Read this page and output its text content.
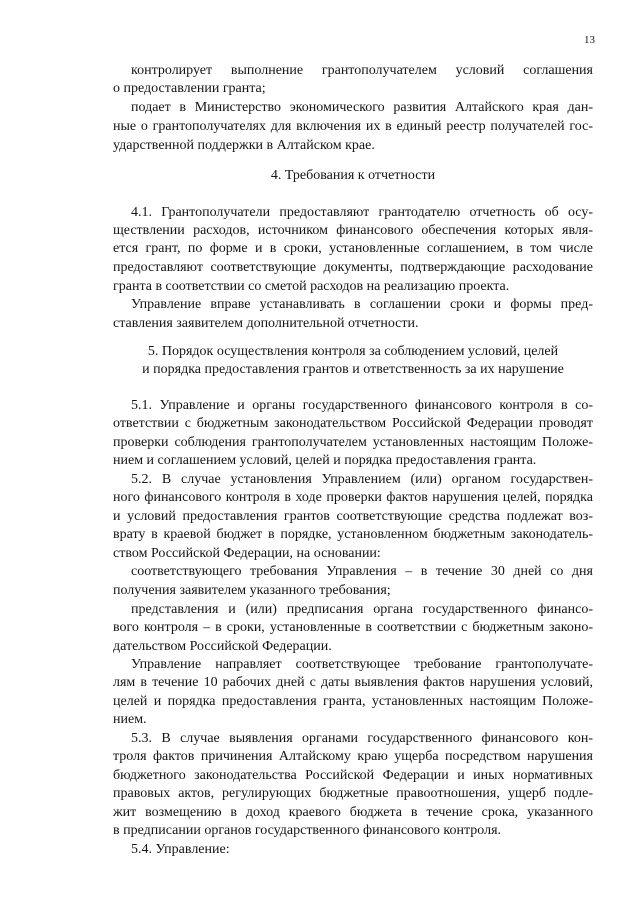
13
контролирует выполнение грантополучателем условий соглашения
о предоставлении гранта;
подает в Министерство экономического развития Алтайского края дан-
ные о грантополучателях для включения их в единый реестр получателей гос-
ударственной поддержки в Алтайском крае.
4. Требования к отчетности
4.1. Грантополучатели предоставляют грантодателю отчетность об осу-
ществлении расходов, источником финансового обеспечения которых явля-
ется грант, по форме и в сроки, установленные соглашением, в том числе
предоставляют соответствующие документы, подтверждающие расходование
гранта в соответствии со сметой расходов на реализацию проекта.
Управление вправе устанавливать в соглашении сроки и формы пред-
ставления заявителем дополнительной отчетности.
5. Порядок осуществления контроля за соблюдением условий, целей
и порядка предоставления грантов и ответственность за их нарушение
5.1. Управление и органы государственного финансового контроля в со-
ответствии с бюджетным законодательством Российской Федерации проводят
проверки соблюдения грантополучателем установленных настоящим Положе-
нием и соглашением условий, целей и порядка предоставления гранта.
5.2. В случае установления Управлением (или) органом государствен-
ного финансового контроля в ходе проверки фактов нарушения целей, порядка
и условий предоставления грантов соответствующие средства подлежат воз-
врату в краевой бюджет в порядке, установленном бюджетным законодатель-
ством Российской Федерации, на основании:
соответствующего требования Управления – в течение 30 дней со дня
получения заявителем указанного требования;
представления и (или) предписания органа государственного финансо-
вого контроля – в сроки, установленные в соответствии с бюджетным законо-
дательством Российской Федерации.
Управление направляет соответствующее требование грантополучате-
лям в течение 10 рабочих дней с даты выявления фактов нарушения условий,
целей и порядка предоставления гранта, установленных настоящим Положе-
нием.
5.3. В случае выявления органами государственного финансового кон-
троля фактов причинения Алтайскому краю ущерба посредством нарушения
бюджетного законодательства Российской Федерации и иных нормативных
правовых актов, регулирующих бюджетные правоотношения, ущерб подле-
жит возмещению в доход краевого бюджета в течение срока, указанного
в предписании органов государственного финансового контроля.
5.4. Управление:
